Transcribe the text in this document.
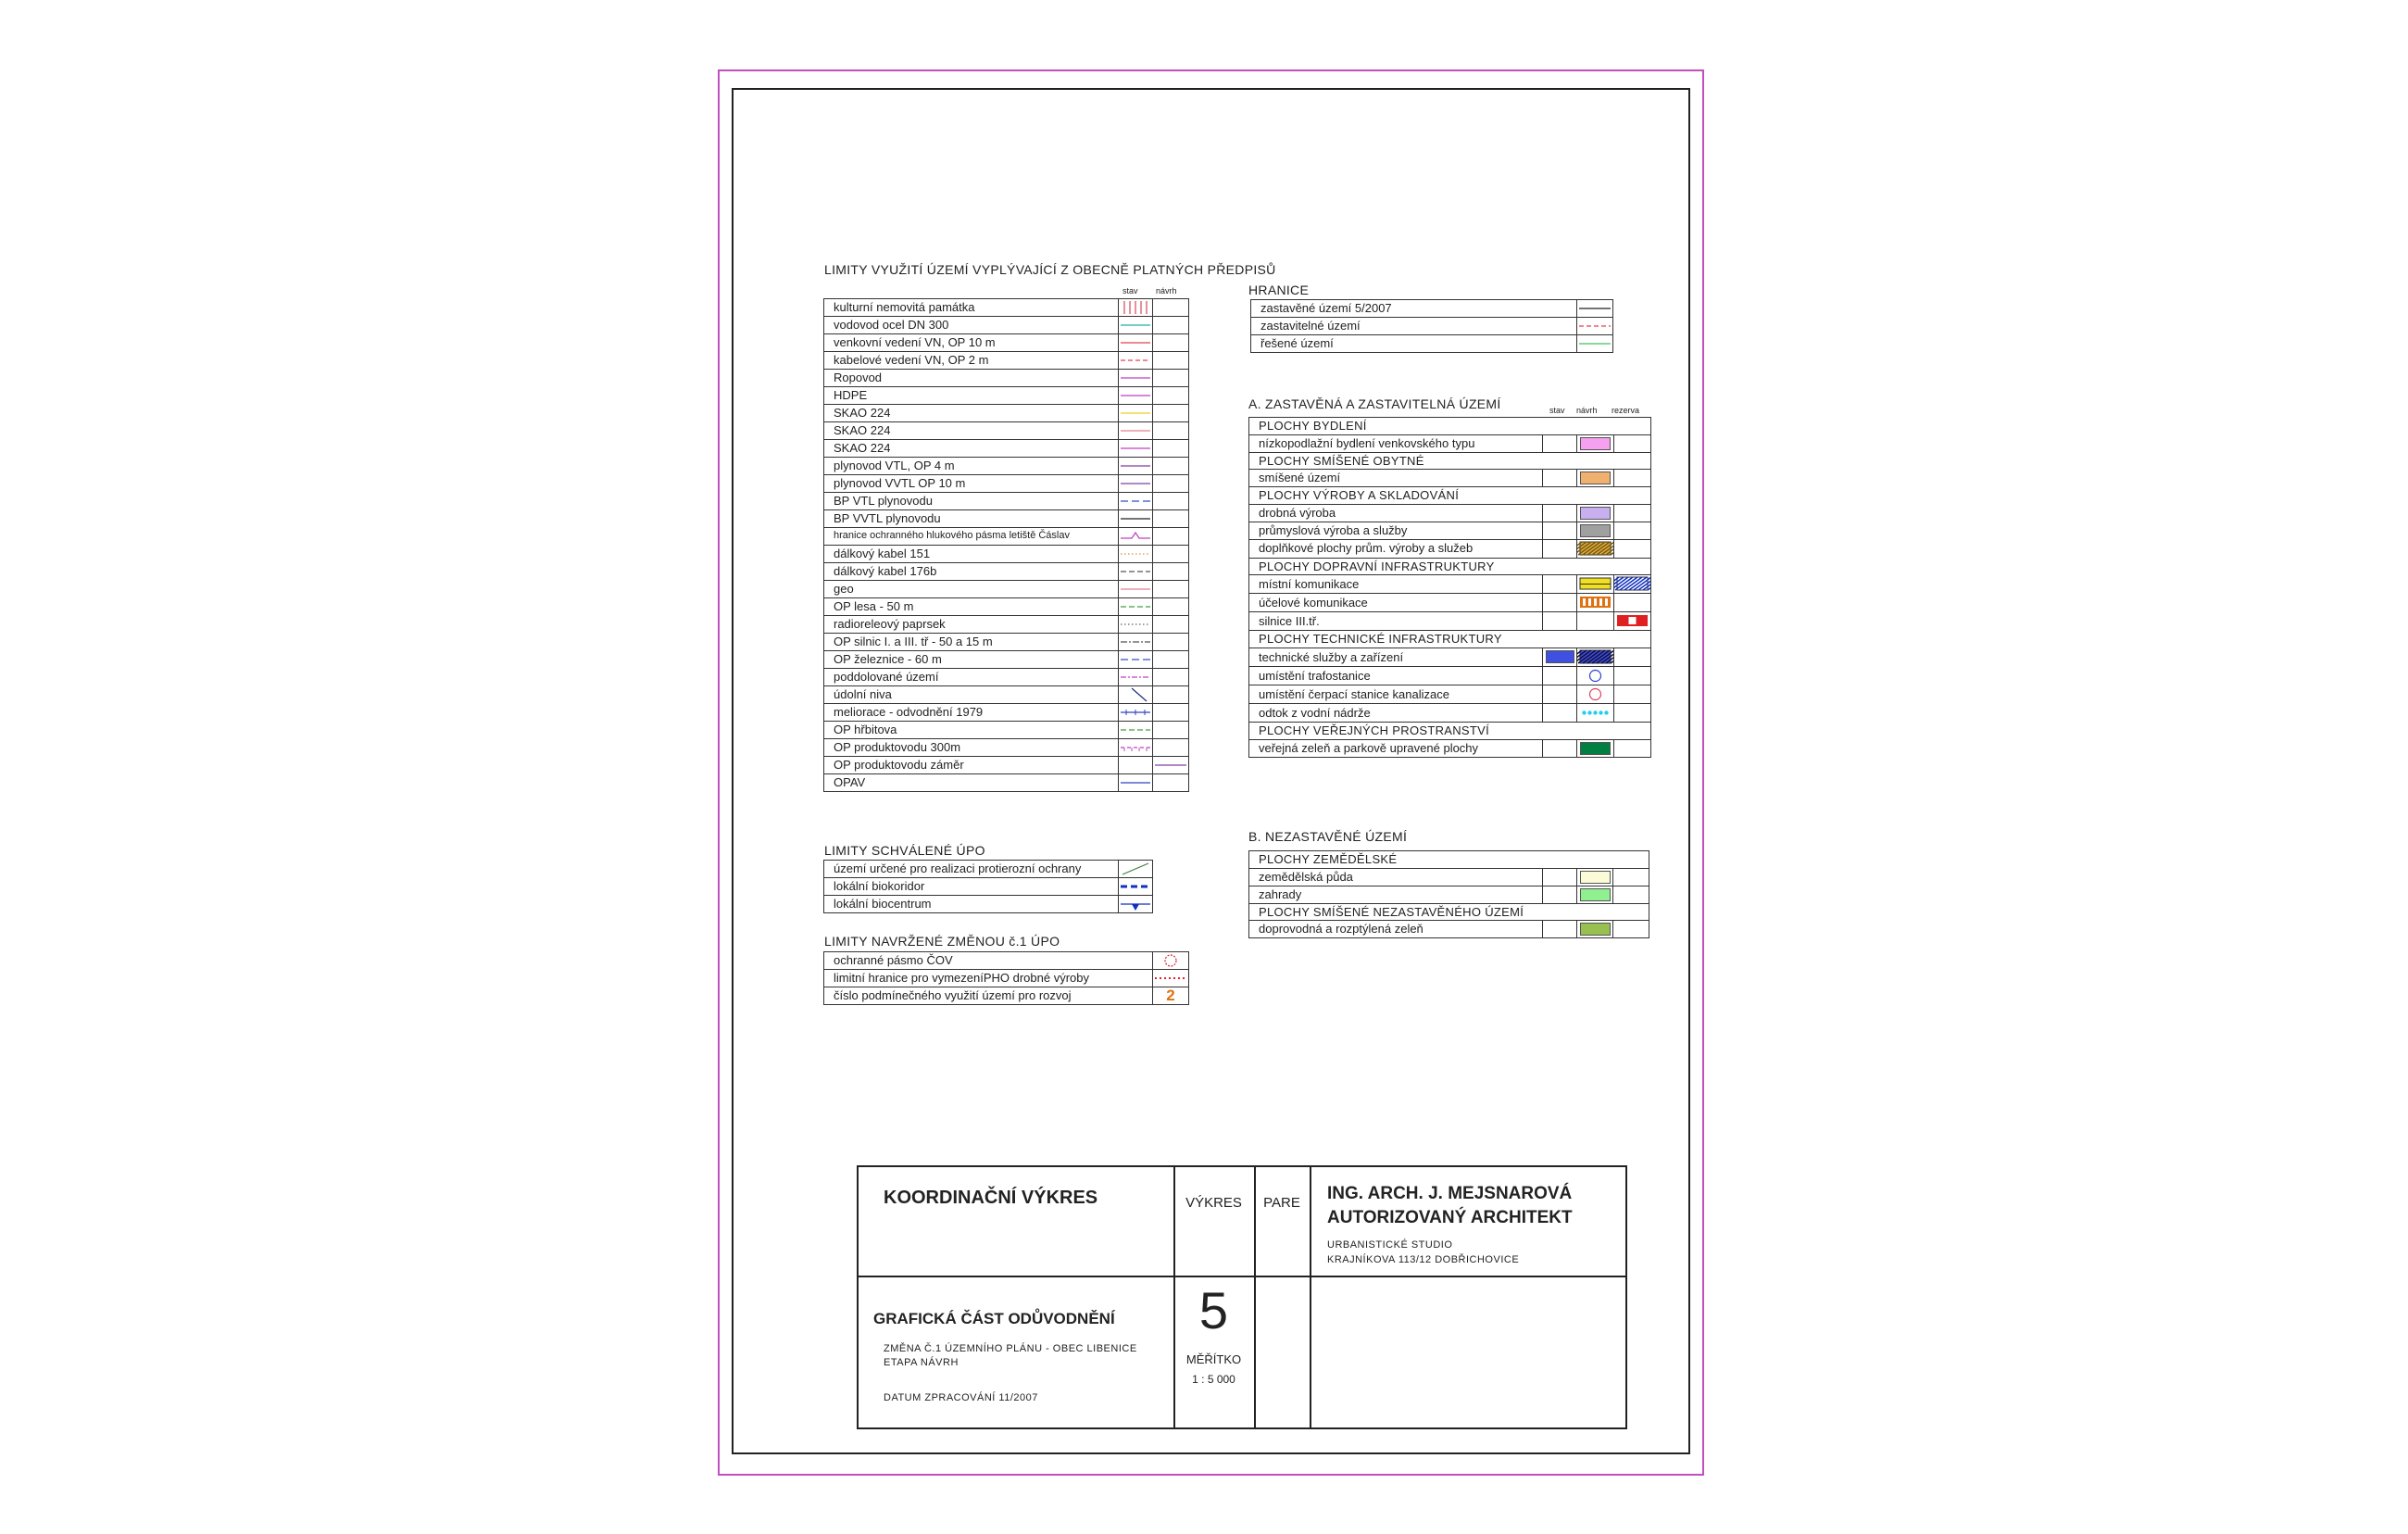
LIMITY VYUŽITÍ ÚZEMÍ VYPLÝVAJÍCÍ Z OBECNĚ PLATNÝCH PŘEDPISŮ
stav návrh
kulturní nemovitá památka	

vodovod ocel DN 300	

venkovní vedení VN, OP 10 m	

kabelové vedení VN, OP 2 m	

Ropovod	

HDPE	

SKAO 224	

SKAO 224	

SKAO 224	

plynovod VTL, OP 4 m	

plynovod VVTL OP 10 m	

BP VTL plynovodu	

BP VVTL plynovodu	

hranice ochranného hlukového pásma letiště Čáslav	

dálkový kabel 151	

dálkový kabel 176b	

geo	

OP lesa - 50 m	

radioreleový paprsek	

OP silnic I. a III. tř - 50 a 15 m	

OP železnice - 60 m	

poddolované území	

údolní niva	

meliorace - odvodnění 1979	

OP hřbitova	

OP produktovodu 300m	

OP produktovodu záměr		

OPAV	

LIMITY SCHVÁLENÉ ÚPO
území určené pro realizaci protierozní ochrany	

lokální biokoridor	

lokální biocentrum	
LIMITY NAVRŽENÉ ZMĚNOU č.1 ÚPO
ochranné pásmo ČOV	

limitní hranice pro vymezeníPHO drobné výroby	

číslo podmínečného využití území pro rozvoj	2
HRANICE
zastavěné území 5/2007	

zastavitelné území	

řešené území	
A. ZASTAVĚNÁ A ZASTAVITELNÁ ÚZEMÍ	stav návrh rezerva
PLOCHY BYDLENÍ			
nízkopodlažní bydlení venkovského typu		

PLOCHY SMÍŠENÉ OBYTNÉ			
smíšené území		

PLOCHY VÝROBY A SKLADOVÁNÍ			
drobná výroba		

průmyslová výroba a služby		

doplňkové plochy prům. výroby a služeb		

PLOCHY DOPRAVNÍ INFRASTRUKTURY			
místní komunikace		

účelové komunikace		

silnice III.tř.			

PLOCHY TECHNICKÉ INFRASTRUKTURY			
technické služby a zařízení	

umístění trafostanice		

umístění čerpací stanice kanalizace		

odtok z vodní nádrže		

PLOCHY VEŘEJNÝCH PROSTRANSTVÍ			
veřejná zeleň a parkově upravené plochy		

B. NEZASTAVĚNÉ ÚZEMÍ
PLOCHY ZEMĚDĚLSKÉ			
zemědělská půda		

zahrady		

PLOCHY SMÍŠENÉ NEZASTAVĚNÉHO ÚZEMÍ			
doprovodná a rozptýlená zeleň		

KOORDINAČNÍ VÝKRES	VÝKRES	PARE	ING. ARCH. J. MEJSNAROVÁ
AUTORIZOVANÝ ARCHITEKT
URBANISTICKÉ STUDIO
KRAJNÍKOVA 113/12 DOBŘICHOVICE
GRAFICKÁ ČÁST ODŮVODNĚNÍ
ZMĚNA Č.1 ÚZEMNÍHO PLÁNU - OBEC LIBENICE
ETAPA NÁVRH
DATUM ZPRACOVÁNÍ 11/2007
5
MĚŘÍTKO
1 : 5 000
